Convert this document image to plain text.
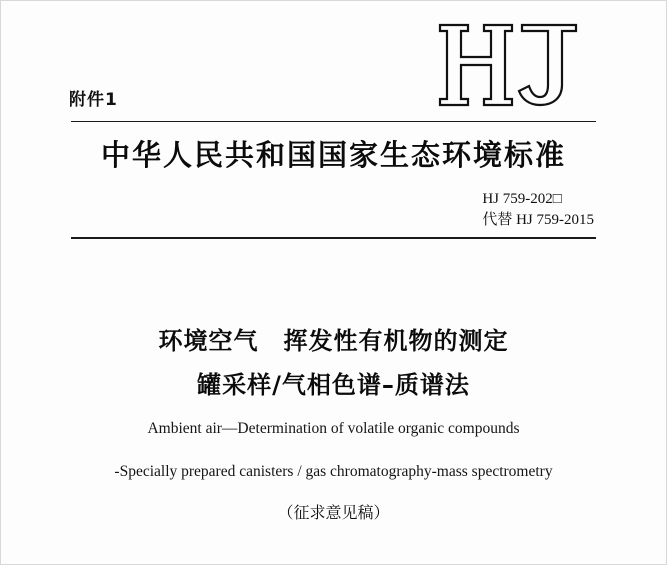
附件1
中华人民共和国国家生态环境标准
HJ 759-202□
代替 HJ 759-2015
环境空气　挥发性有机物的测定
罐采样/气相色谱–质谱法
Ambient air—Determination of volatile organic compounds
-Specially prepared canisters / gas chromatography-mass spectrometry
（征求意见稿）
